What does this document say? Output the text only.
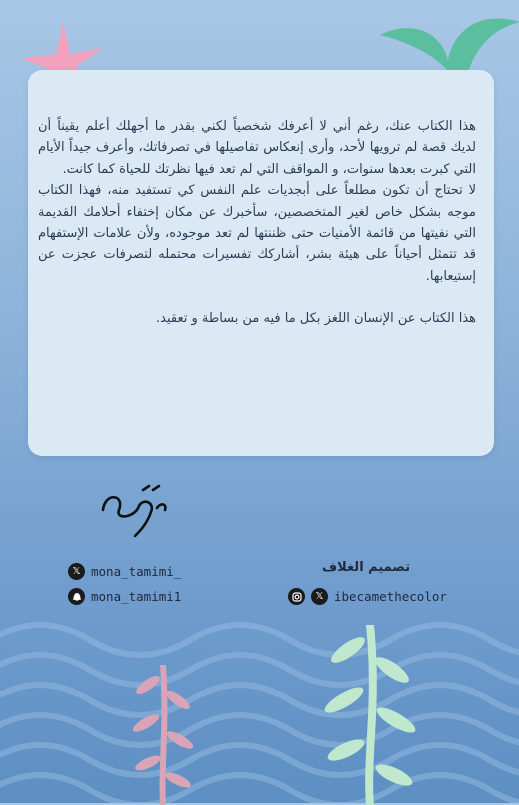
هذا الكتاب عنك، رغم أني لا أعرفك شخصياً لكني بقدر ما أجهلك أعلم يقيناً أن لديك قصة لم ترويها لأحد، وأرى إنعكاس تفاصيلها في تصرفاتك، وأعرف جيداً الأيام التي كبرت بعدها سنوات، و المواقف التي لم تعد فيها نظرتك للحياة كما كانت.

لا تحتاج أن تكون مطلعاً على أبجديات علم النفس كي تستفيد منه، فهذا الكتاب موجه بشكل خاص لغير المتخصصين، سأخبرك عن مكان إختفاء أحلامك القديمة التي نفيتها من قائمة الأمنيات حتى ظننتها لم تعد موجوده، ولأن علامات الإستفهام قد تتمثل أحياناً على هيئة بشر، أشاركك تفسيرات محتمله لتصرفات عجزت عن إستيعابها.

هذا الكتاب عن الإنسان اللغز بكل ما فيه من بساطة و تعقيد.

𝕏 mona_tamimi_
mona_tamimi1
تصميم الغلاف
𝕏 ibecamethecolor
